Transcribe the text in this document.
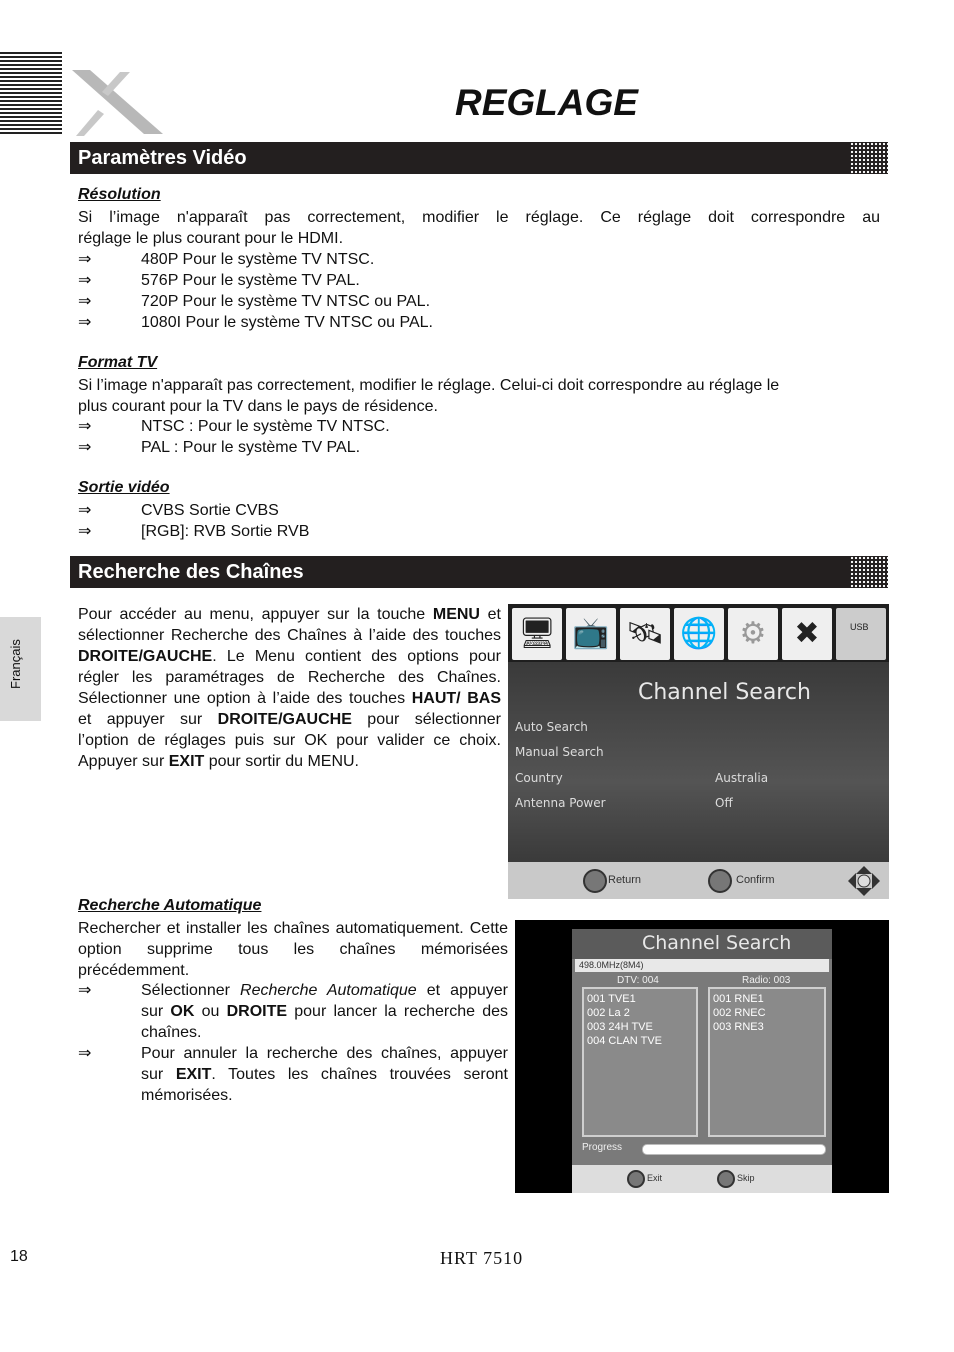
REGLAGE
Français
Paramètres Vidéo
Résolution
Si l’image n'apparaît pas correctement, modifier le réglage. Ce réglage doit correspondre au
réglage le plus courant pour le HDMI.
⇒	480P Pour le système TV NTSC.
⇒	576P Pour le système TV PAL.
⇒	720P Pour le système TV NTSC ou PAL.
⇒	1080I Pour le système TV NTSC ou PAL.
Format TV
Si l’image n'apparaît pas correctement, modifier le réglage. Celui-ci doit correspondre au réglage le
plus courant pour la TV dans le pays de résidence.
⇒	NTSC : Pour le système TV NTSC.
⇒	PAL : Pour le système TV PAL.
Sortie vidéo
⇒	CVBS Sortie CVBS
⇒	[RGB]: RVB Sortie RVB
Recherche des Chaînes
Pour accéder au menu, appuyer sur la touche MENU et sélectionner Recherche des Chaînes à l’aide des touches DROITE/GAUCHE. Le Menu contient des options pour régler les paramétrages de Recherche des Chaînes. Sélectionner une option à l’aide des touches HAUT/ BAS et appuyer sur DROITE/GAUCHE pour sélectionner l’option de réglages puis sur OK pour valider ce choix. Appuyer sur EXIT pour sortir du MENU.
🖥 📺 🛰 🌐 ⚙ ✖	USB
Channel Search
Auto Search
Manual Search
Country	Australia
Antenna Power	Off
Return	Confirm
Recherche Automatique
Rechercher et installer les chaînes automatiquement. Cette option supprime tous les chaînes mémorisées précédemment.
⇒	Sélectionner Recherche Automatique et appuyer sur OK ou DROITE pour lancer la recherche des chaînes.
⇒	Pour annuler la recherche des chaînes, appuyer sur EXIT. Toutes les chaînes trouvées seront mémorisées.
Channel Search
498.0MHz(8M4)
DTV: 004	Radio: 003
001 TVE1
002 La 2
003 24H TVE
004 CLAN TVE
001 RNE1
002 RNEC
003 RNE3
Progress
Exit	Skip
18	HRT 7510
